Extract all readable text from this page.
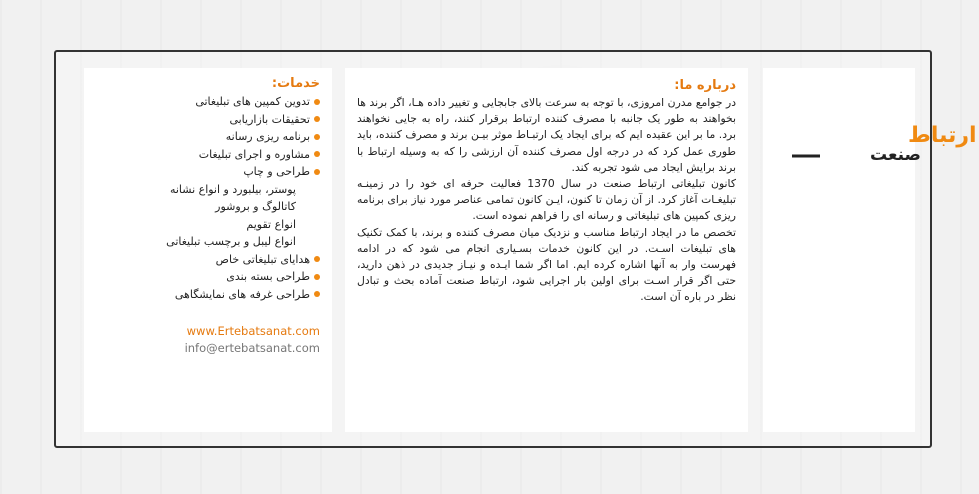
خدمات:
تدوین کمپین های تبلیغاتی
تحقیقات بازاریابی
برنامه ریزی رسانه
مشاوره و اجرای تبلیغات
طراحی و چاپ
پوستر، بیلبورد و انواع نشانه
کاتالوگ و بروشور
انواع تقویم
انواع لیبل و برچسب تبلیغاتی
هدایای تبلیغاتی خاص
طراحی بسته بندی
طراحی غرفه های نمایشگاهی
www.Ertebatsanat.com
info@ertebatsanat.com
درباره ما:

در جوامع مدرن امروزی، با توجه به سرعت بالای جابجایی و تغییر داده هـا، اگر برند ها بخواهند به طور یک جانبه با مصرف کننده ارتباط برقرار کنند، راه به جایی نخواهند برد. ما بر این عقیده ایم که برای ایجاد یک ارتبـاط موثر بیـن برند و مصرف کننده، باید طوری عمل کرد که در درجه اول مصرف کننده آن ارزشی را که به وسیله ارتباط با برند برایش ایجاد می شود تجربه کند.

کانون تبلیغاتی ارتباط صنعت در سال 1370 فعالیت حرفه ای خود را در زمینـه تبلیغـات آغاز کرد. از آن زمان تا کنون، ایـن کانون تمامی عناصر مورد نیاز برای برنامه ریزی کمپین های تبلیغاتی و رسانه ای را فراهم نموده است.

تخصص ما در ایجاد ارتباط مناسب و نزدیک میان مصرف کننده و برند، با کمک تکنیک های تبلیغات اسـت. در این کانون خدمات بسـیاری انجام می شود که در ادامه فهرست وار به آنها اشاره کرده ایم. اما اگر شما ایـده و نیـاز جدیدی در ذهن دارید، حتی اگر قرار اسـت برای اولین بار اجرایی شود، ارتباط صنعت آماده بحث و تبادل نظر در باره آن است.

ارتباط
صنعت
